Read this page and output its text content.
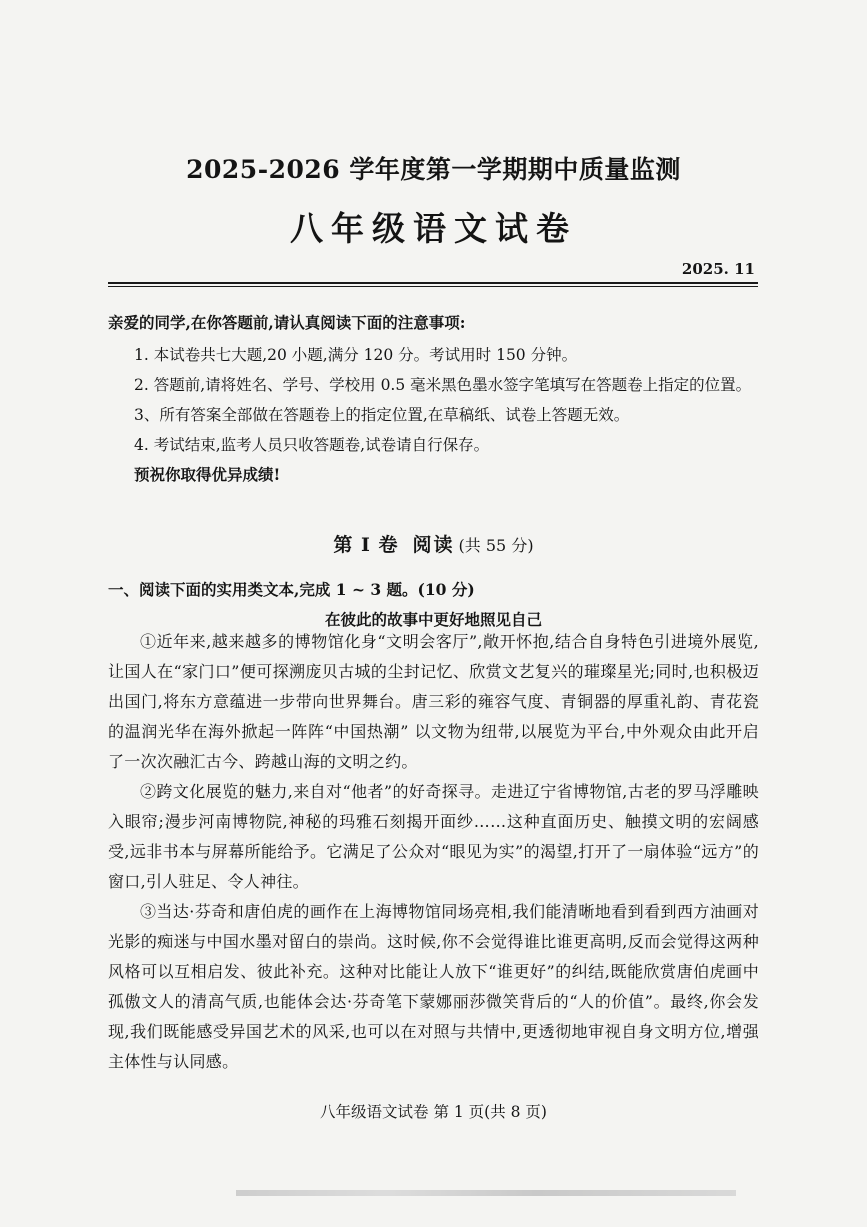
2025-2026 学年度第一学期期中质量监测
八年级语文试卷
2025. 11
亲爱的同学,在你答题前,请认真阅读下面的注意事项:
1. 本试卷共七大题,20 小题,满分 120 分。考试用时 150 分钟。
2. 答题前,请将姓名、学号、学校用 0.5 毫米黑色墨水签字笔填写在答题卷上指定的位置。
3、所有答案全部做在答题卷上的指定位置,在草稿纸、试卷上答题无效。
4. 考试结束,监考人员只收答题卷,试卷请自行保存。
预祝你取得优异成绩!
第 I 卷 阅读 (共 55 分)
一、阅读下面的实用类文本,完成 1 ~ 3 题。(10 分)
在彼此的故事中更好地照见自己

①近年来,越来越多的博物馆化身“文明会客厅”,敞开怀抱,结合自身特色引进境外展览,让国人在“家门口”便可探溯庞贝古城的尘封记忆、欣赏文艺复兴的璀璨星光;同时,也积极迈出国门,将东方意蕴进一步带向世界舞台。唐三彩的雍容气度、青铜器的厚重礼韵、青花瓷的温润光华在海外掀起一阵阵“中国热潮” 以文物为纽带,以展览为平台,中外观众由此开启了一次次融汇古今、跨越山海的文明之约。

②跨文化展览的魅力,来自对“他者”的好奇探寻。走进辽宁省博物馆,古老的罗马浮雕映入眼帘;漫步河南博物院,神秘的玛雅石刻揭开面纱……这种直面历史、触摸文明的宏阔感受,远非书本与屏幕所能给予。它满足了公众对“眼见为实”的渴望,打开了一扇体验“远方”的窗口,引人驻足、令人神往。

③当达·芬奇和唐伯虎的画作在上海博物馆同场亮相,我们能清晰地看到看到西方油画对光影的痴迷与中国水墨对留白的崇尚。这时候,你不会觉得谁比谁更高明,反而会觉得这两种风格可以互相启发、彼此补充。这种对比能让人放下“谁更好”的纠结,既能欣赏唐伯虎画中孤傲文人的清高气质,也能体会达·芬奇笔下蒙娜丽莎微笑背后的“人的价值”。最终,你会发现,我们既能感受异国艺术的风采,也可以在对照与共情中,更透彻地审视自身文明方位,增强主体性与认同感。

八年级语文试卷 第 1 页(共 8 页)
